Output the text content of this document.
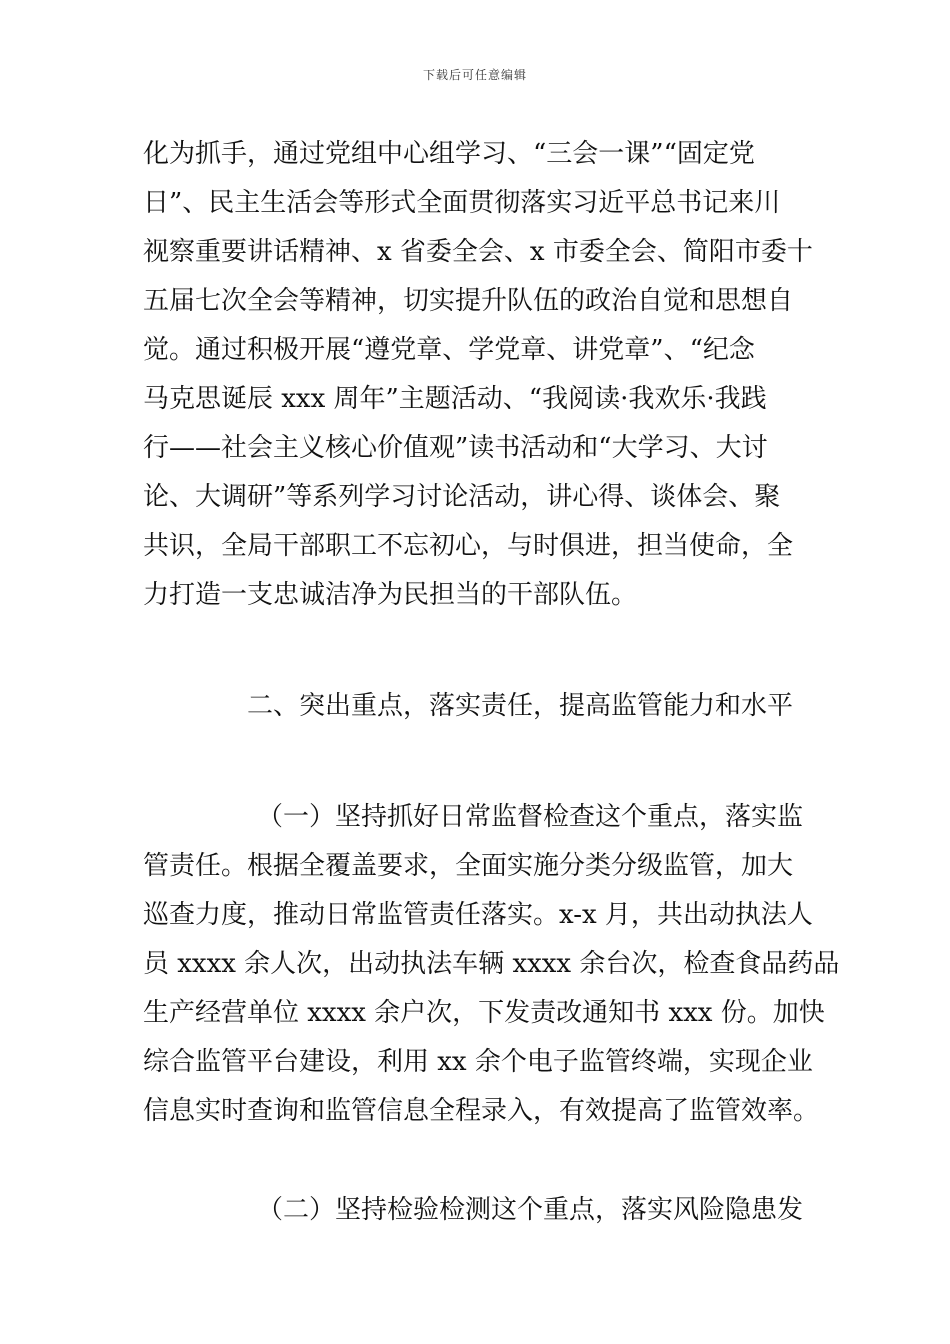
下载后可任意编辑
化为抓手，通过党组中心组学习、“三会一课”“固定党
日”、民主生活会等形式全面贯彻落实习近平总书记来川
视察重要讲话精神、x 省委全会、x 市委全会、简阳市委十
五届七次全会等精神，切实提升队伍的政治自觉和思想自
觉。通过积极开展“遵党章、学党章、讲党章”、“纪念
马克思诞辰 xxx 周年”主题活动、“我阅读·我欢乐·我践
行——社会主义核心价值观”读书活动和“大学习、大讨
论、大调研”等系列学习讨论活动，讲心得、谈体会、聚
共识，全局干部职工不忘初心，与时俱进，担当使命，全
力打造一支忠诚洁净为民担当的干部队伍。
二、突出重点，落实责任，提高监管能力和水平
（一）坚持抓好日常监督检查这个重点，落实监
管责任。根据全覆盖要求，全面实施分类分级监管，加大
巡查力度，推动日常监管责任落实。x-x 月，共出动执法人
员 xxxx 余人次，出动执法车辆 xxxx 余台次，检查食品药品
生产经营单位 xxxx 余户次，下发责改通知书 xxx 份。加快
综合监管平台建设，利用 xx 余个电子监管终端，实现企业
信息实时查询和监管信息全程录入，有效提高了监管效率。
（二）坚持检验检测这个重点，落实风险隐患发
